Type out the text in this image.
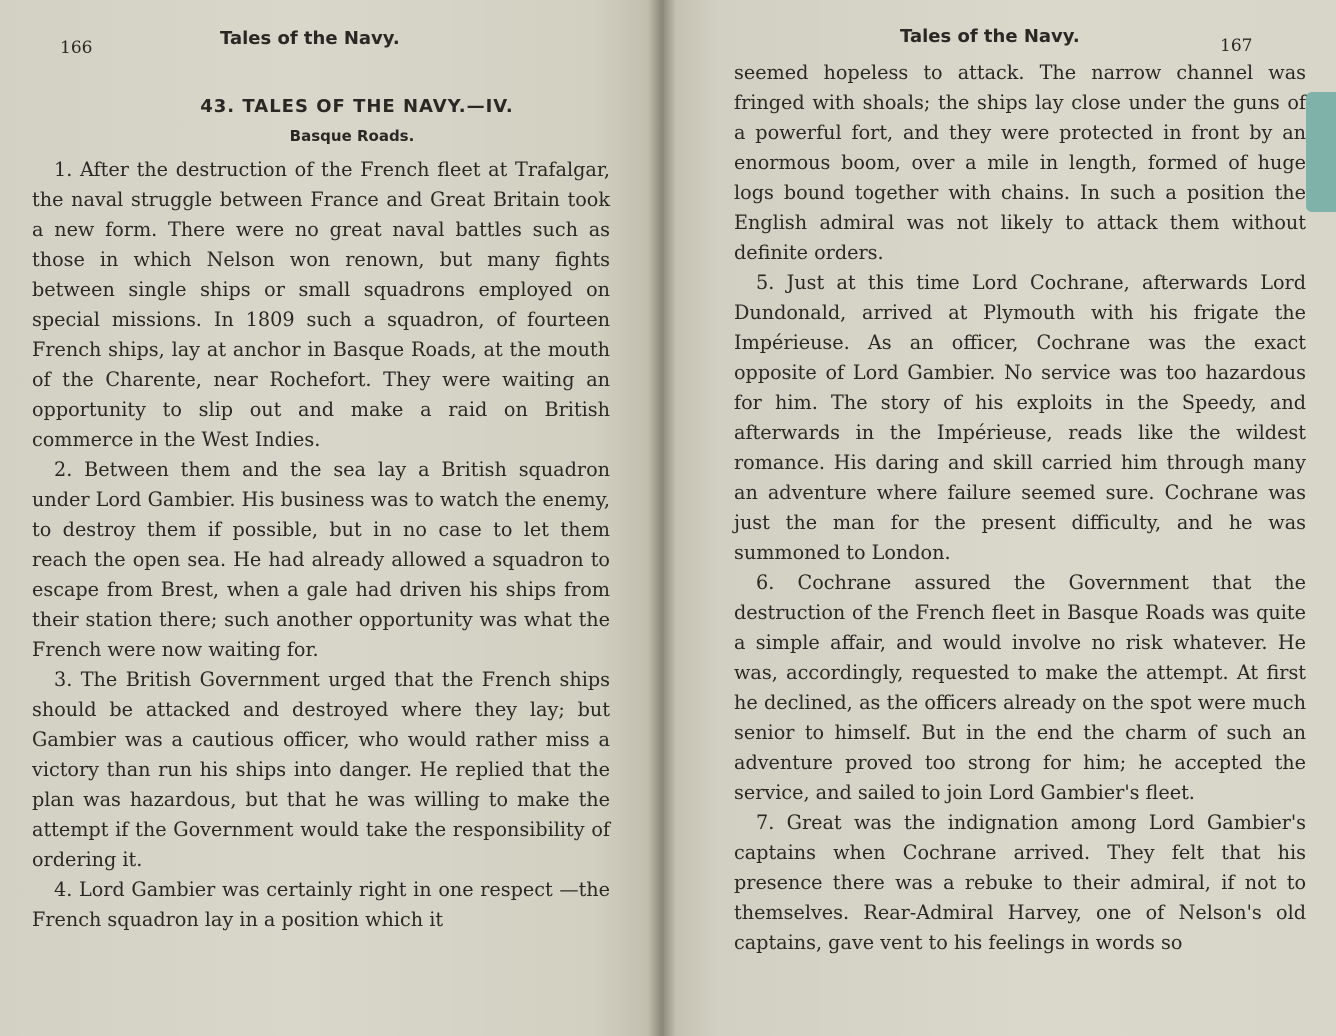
166	Tales of the Navy.
43. TALES OF THE NAVY.—IV.
Basque Roads.

1. After the destruction of the French fleet at Trafalgar, the naval struggle between France and Great Britain took a new form. There were no great naval battles such as those in which Nelson won renown, but many fights between single ships or small squadrons employed on special missions. In 1809 such a squadron, of fourteen French ships, lay at anchor in Basque Roads, at the mouth of the Charente, near Rochefort. They were waiting an opportunity to slip out and make a raid on British commerce in the West Indies.

2. Between them and the sea lay a British squadron under Lord Gambier. His business was to watch the enemy, to destroy them if possible, but in no case to let them reach the open sea. He had already allowed a squadron to escape from Brest, when a gale had driven his ships from their station there; such another opportunity was what the French were now waiting for.

3. The British Government urged that the French ships should be attacked and destroyed where they lay; but Gambier was a cautious officer, who would rather miss a victory than run his ships into danger. He replied that the plan was hazardous, but that he was willing to make the attempt if the Government would take the responsibility of ordering it.

4. Lord Gambier was certainly right in one respect —the French squadron lay in a position which it

Tales of the Navy.	167

seemed hopeless to attack. The narrow channel was fringed with shoals; the ships lay close under the guns of a powerful fort, and they were protected in front by an enormous boom, over a mile in length, formed of huge logs bound together with chains. In such a position the English admiral was not likely to attack them without definite orders.

5. Just at this time Lord Cochrane, afterwards Lord Dundonald, arrived at Plymouth with his frigate the Impérieuse. As an officer, Cochrane was the exact opposite of Lord Gambier. No service was too hazardous for him. The story of his exploits in the Speedy, and afterwards in the Impérieuse, reads like the wildest romance. His daring and skill carried him through many an adventure where failure seemed sure. Cochrane was just the man for the present difficulty, and he was summoned to London.

6. Cochrane assured the Government that the destruction of the French fleet in Basque Roads was quite a simple affair, and would involve no risk whatever. He was, accordingly, requested to make the attempt. At first he declined, as the officers already on the spot were much senior to himself. But in the end the charm of such an adventure proved too strong for him; he accepted the service, and sailed to join Lord Gambier's fleet.

7. Great was the indignation among Lord Gambier's captains when Cochrane arrived. They felt that his presence there was a rebuke to their admiral, if not to themselves. Rear-Admiral Harvey, one of Nelson's old captains, gave vent to his feelings in words so
